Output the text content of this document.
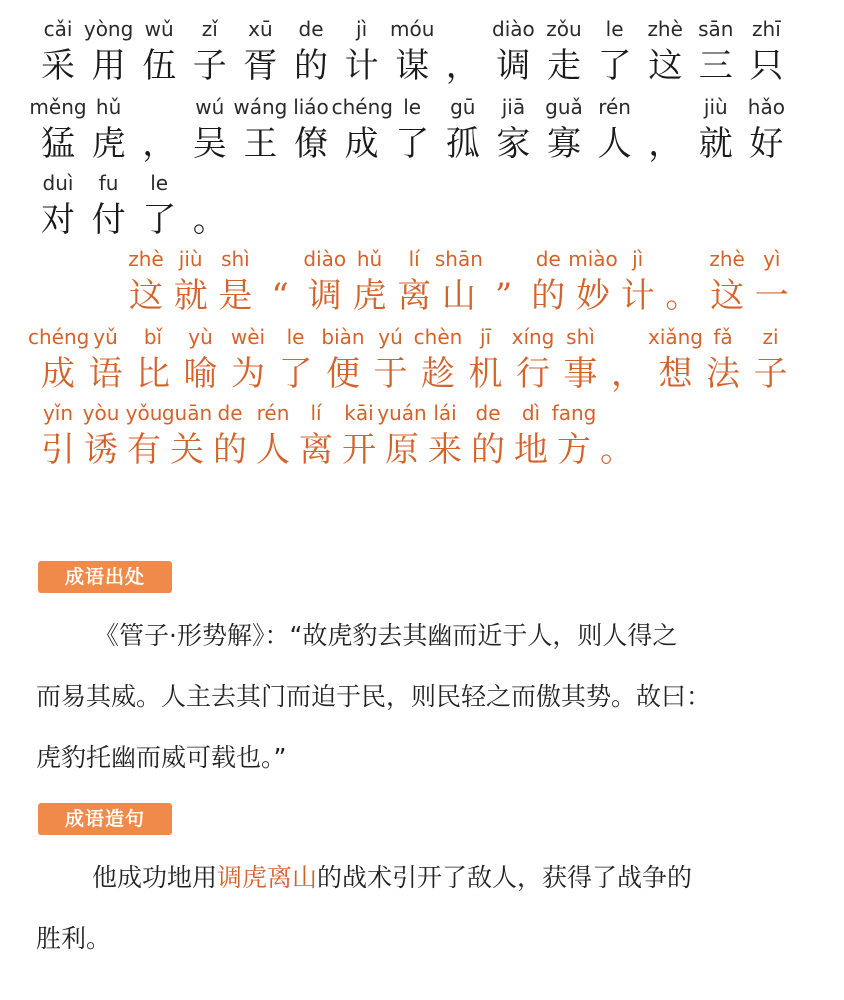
cǎi
采
yòng
用
wǔ
伍
zǐ
子
xū
胥
de
的
jì
计
móu
谋 ，
diào
调
zǒu
走
le
了
zhè
这
sān
三
zhī
只
měng
猛
hǔ
虎 ，
wú
吴
wáng
王
liáo
僚
chéng
成
le
了
gū
孤
jiā
家
guǎ
寡
rén
人 ，
jiù
就
hǎo
好
duì
对
fu
付
le
了 。
zhè
这
jiù
就
shì
是 “
diào
调
hǔ
虎
lí
离
shān
山 ”
de
的
miào
妙
jì
计 。
zhè
这
yì
一
chéng
成
yǔ
语
bǐ
比
yù
喻
wèi
为
le
了
biàn
便
yú
于
chèn
趁
jī
机
xíng
行
shì
事 ，
xiǎng
想
fǎ
法
zi
子
yǐn
引
yòu
诱
yǒu
有
guān
关
de
的
rén
人
lí
离
kāi
开
yuán
原
lái
来
de
的
dì
地
fang
方 。
成语出处
《管子·形势解》：“故虎豹去其幽而近于人，则人得之
而易其威。人主去其门而迫于民，则民轻之而傲其势。故曰：
虎豹托幽而威可载也。”
成语造句
他成功地用调虎离山的战术引开了敌人，获得了战争的
胜利。
